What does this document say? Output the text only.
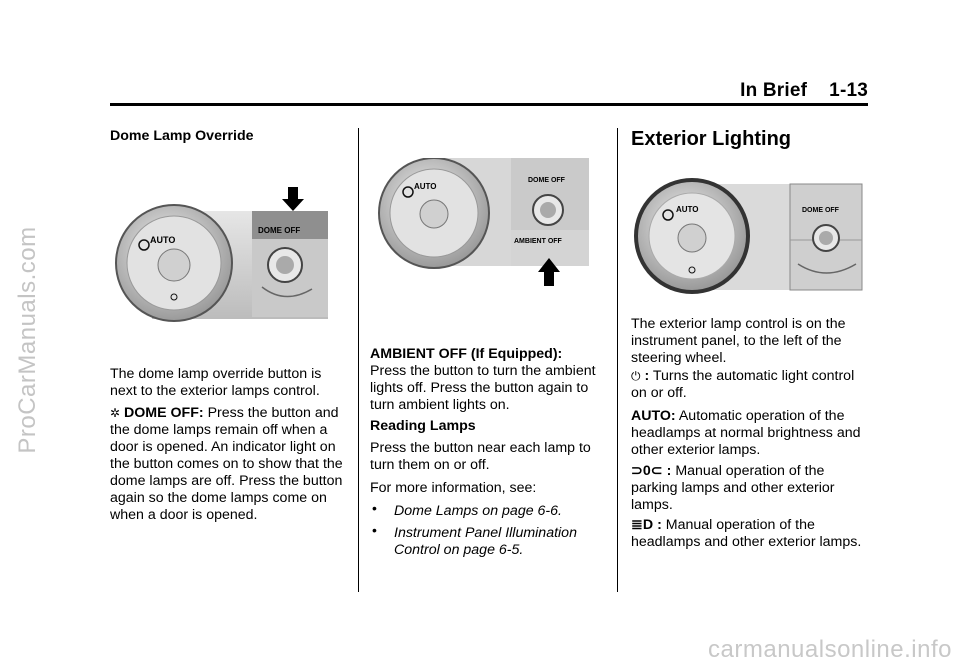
ProCarManuals.com
In Brief 1-13
Dome Lamp Override
AUTO
DOME OFF
The dome lamp override button is next to the exterior lamps control.
✲ DOME OFF: Press the button and the dome lamps remain off when a door is opened. An indicator light on the button comes on to show that the dome lamps are off. Press the button again so the dome lamps come on when a door is opened.
AUTO
DOME OFF
AMBIENT OFF
AMBIENT OFF (If Equipped):
Press the button to turn the ambient lights off. Press the button again to turn ambient lights on.
Reading Lamps
Press the button near each lamp to turn them on or off.
For more information, see:
• Dome Lamps on page 6-6.
• Instrument Panel Illumination Control on page 6-5.
Exterior Lighting
AUTO	DOME OFF
The exterior lamp control is on the instrument panel, to the left of the steering wheel.
⏻ : Turns the automatic light control on or off.
AUTO: Automatic operation of the headlamps at normal brightness and other exterior lamps.
⊃0⊂ : Manual operation of the parking lamps and other exterior lamps.
≣D : Manual operation of the headlamps and other exterior lamps.
carmanualsonline.info
